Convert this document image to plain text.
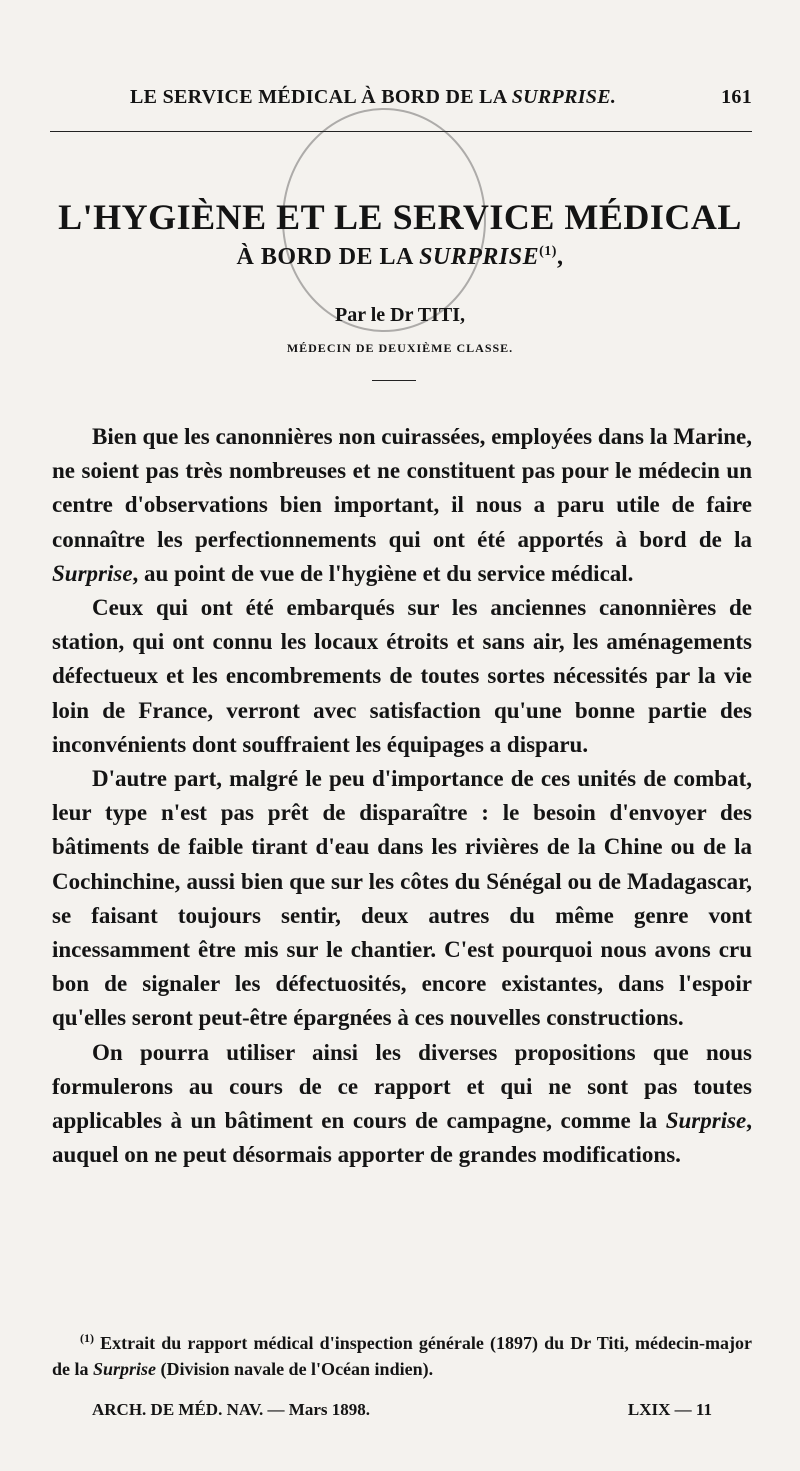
LE SERVICE MÉDICAL À BORD DE LA SURPRISE.	161
L'HYGIÈNE ET LE SERVICE MÉDICAL
À BORD DE LA SURPRISE$^{(1)}$,
Par le Dr TITI,
MÉDECIN DE DEUXIÈME CLASSE.

Bien que les canonnières non cuirassées, employées dans la Marine, ne soient pas très nombreuses et ne constituent pas pour le médecin un centre d'observations bien important, il nous a paru utile de faire connaître les perfectionnements qui ont été apportés à bord de la Surprise, au point de vue de l'hygiène et du service médical.

Ceux qui ont été embarqués sur les anciennes canonnières de station, qui ont connu les locaux étroits et sans air, les aménagements défectueux et les encombrements de toutes sortes nécessités par la vie loin de France, verront avec satisfaction qu'une bonne partie des inconvénients dont souffraient les équipages a disparu.

D'autre part, malgré le peu d'importance de ces unités de combat, leur type n'est pas prêt de disparaître : le besoin d'envoyer des bâtiments de faible tirant d'eau dans les rivières de la Chine ou de la Cochinchine, aussi bien que sur les côtes du Sénégal ou de Madagascar, se faisant toujours sentir, deux autres du même genre vont incessamment être mis sur le chantier. C'est pourquoi nous avons cru bon de signaler les défectuosités, encore existantes, dans l'espoir qu'elles seront peut-être épargnées à ces nouvelles constructions.

On pourra utiliser ainsi les diverses propositions que nous formulerons au cours de ce rapport et qui ne sont pas toutes applicables à un bâtiment en cours de campagne, comme la Surprise, auquel on ne peut désormais apporter de grandes modifications.

$^{(1)}$ Extrait du rapport médical d'inspection générale (1897) du Dr Titi, médecin-major de la Surprise (Division navale de l'Océan indien).
ARCH. DE MÉD. NAV. — Mars 1898.	LXIX — 11
